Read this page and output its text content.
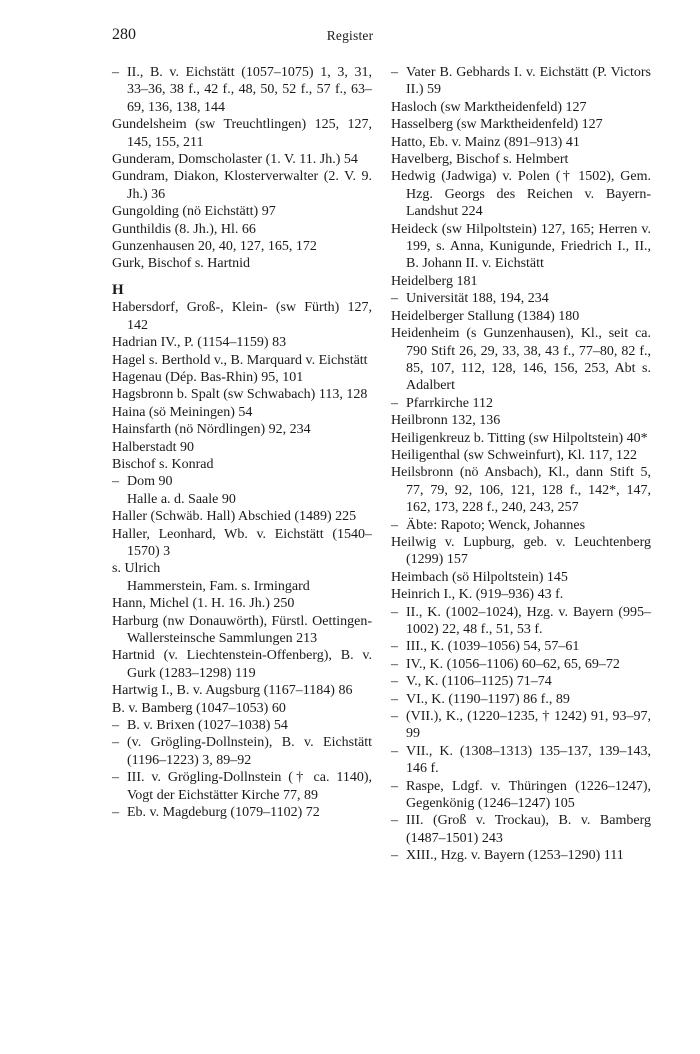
280	Register
– II., B. v. Eichstätt (1057–1075) 1, 3, 31, 33–36, 38 f., 42 f., 48, 50, 52 f., 57 f., 63–69, 136, 138, 144
Gundelsheim (sw Treuchtlingen) 125, 127, 145, 155, 211
Gunderam, Domscholaster (1. V. 11. Jh.) 54
Gundram, Diakon, Klosterverwalter (2. V. 9. Jh.) 36
Gungolding (nö Eichstätt) 97
Gunthildis (8. Jh.), Hl. 66
Gunzenhausen 20, 40, 127, 165, 172
Gurk, Bischof s. Hartnid
H
Habersdorf, Groß-, Klein- (sw Fürth) 127, 142
Hadrian IV., P. (1154–1159) 83
Hagel s. Berthold v., B. Marquard v. Eichstätt
Hagenau (Dép. Bas-Rhin) 95, 101
Hagsbronn b. Spalt (sw Schwabach) 113, 128
Haina (sö Meiningen) 54
Hainsfarth (nö Nördlingen) 92, 234
Halberstadt 90
Bischof s. Konrad
– Dom 90
Halle a. d. Saale 90
Haller (Schwäb. Hall) Abschied (1489) 225
Haller, Leonhard, Wb. v. Eichstätt (1540–1570) 3
s. Ulrich
Hammerstein, Fam. s. Irmingard
Hann, Michel (1. H. 16. Jh.) 250
Harburg (nw Donauwörth), Fürstl. Oettingen-Wallersteinsche Sammlungen 213
Hartnid (v. Liechtenstein-Offenberg), B. v. Gurk (1283–1298) 119
Hartwig I., B. v. Augsburg (1167–1184) 86
B. v. Bamberg (1047–1053) 60
– B. v. Brixen (1027–1038) 54
– (v. Grögling-Dollnstein), B. v. Eichstätt (1196–1223) 3, 89–92
– III. v. Grögling-Dollnstein († ca. 1140), Vogt der Eichstätter Kirche 77, 89
– Eb. v. Magdeburg (1079–1102) 72
– Vater B. Gebhards I. v. Eichstätt (P. Victors II.) 59
Hasloch (sw Marktheidenfeld) 127
Hasselberg (sw Marktheidenfeld) 127
Hatto, Eb. v. Mainz (891–913) 41
Havelberg, Bischof s. Helmbert
Hedwig (Jadwiga) v. Polen († 1502), Gem. Hzg. Georgs des Reichen v. Bayern-Landshut 224
Heideck (sw Hilpoltstein) 127, 165; Herren v. 199, s. Anna, Kunigunde, Friedrich I., II., B. Johann II. v. Eichstätt
Heidelberg 181
– Universität 188, 194, 234
Heidelberger Stallung (1384) 180
Heidenheim (s Gunzenhausen), Kl., seit ca. 790 Stift 26, 29, 33, 38, 43 f., 77–80, 82 f., 85, 107, 112, 128, 146, 156, 253, Abt s. Adalbert
– Pfarrkirche 112
Heilbronn 132, 136
Heiligenkreuz b. Titting (sw Hilpoltstein) 40*
Heiligenthal (sw Schweinfurt), Kl. 117, 122
Heilsbronn (nö Ansbach), Kl., dann Stift 5, 77, 79, 92, 106, 121, 128 f., 142*, 147, 162, 173, 228 f., 240, 243, 257
– Äbte: Rapoto; Wenck, Johannes
Heilwig v. Lupburg, geb. v. Leuchtenberg (1299) 157
Heimbach (sö Hilpoltstein) 145
Heinrich I., K. (919–936) 43 f.
– II., K. (1002–1024), Hzg. v. Bayern (995–1002) 22, 48 f., 51, 53 f.
– III., K. (1039–1056) 54, 57–61
– IV., K. (1056–1106) 60–62, 65, 69–72
– V., K. (1106–1125) 71–74
– VI., K. (1190–1197) 86 f., 89
– (VII.), K., (1220–1235, † 1242) 91, 93–97, 99
– VII., K. (1308–1313) 135–137, 139–143, 146 f.
– Raspe, Ldgf. v. Thüringen (1226–1247), Gegenkönig (1246–1247) 105
– III. (Groß v. Trockau), B. v. Bamberg (1487–1501) 243
– XIII., Hzg. v. Bayern (1253–1290) 111
